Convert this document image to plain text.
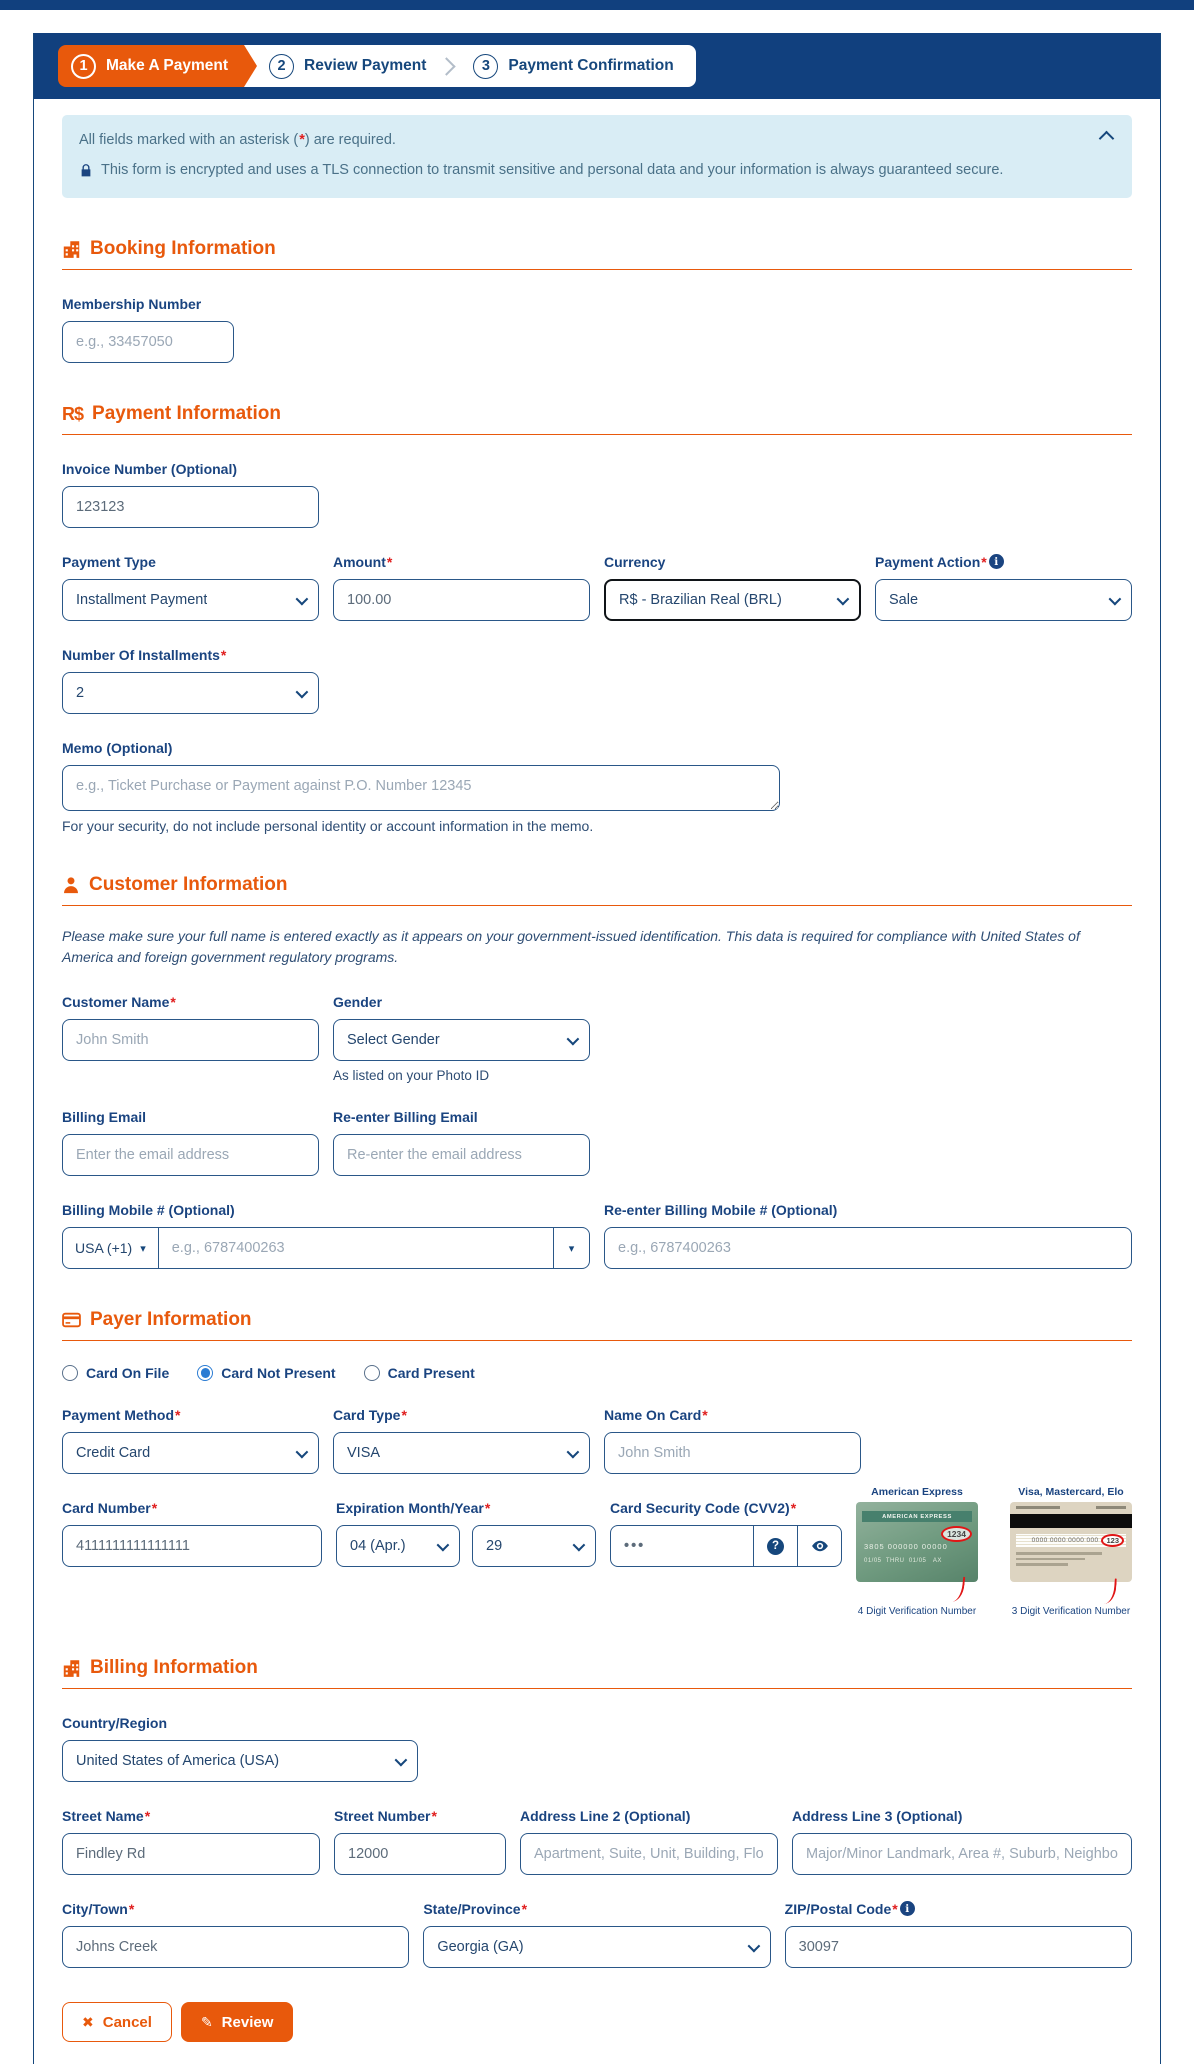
1	Make A Payment	2	Review Payment	3	Payment Confirmation
All fields marked with an asterisk (*) are required.
This form is encrypted and uses a TLS connection to transmit sensitive and personal data and your information is always guaranteed secure.
Booking Information
Membership Number
e.g., 33457050
R$ Payment Information
Invoice Number (Optional)
123123
Payment Type
Installment Payment
Amount *
100.00	Currency
R$ - Brazilian Real (BRL)
Payment Action * i
Sale
Number Of Installments *
2
Memo (Optional)
e.g., Ticket Purchase or Payment against P.O. Number 12345
For your security, do not include personal identity or account information in the memo.
Customer Information
Please make sure your full name is entered exactly as it appears on your government-issued identification. This data is required for compliance with United States of America and foreign government regulatory programs.
Customer Name *
John Smith	Gender
Select Gender
As listed on your Photo ID
Billing Email
Enter the email address	Re-enter Billing Email
Re-enter the email address
Billing Mobile # (Optional)
USA (+1) ▾	e.g., 6787400263	▾
Re-enter Billing Mobile # (Optional)
e.g., 6787400263
Payer Information
Card On File	Card Not Present	Card Present
Payment Method *
Credit Card
Card Type *
VISA
Name On Card *
John Smith
Card Number *
4111111111111111	Expiration Month/Year *
04 (Apr.)	29
Card Security Code (CVV2) *
•••	?
American Express
AMERICAN EXPRESS
3805 000000 00000
01/05  THRU  01/05   AX
1234
4 Digit Verification Number
Visa, Mastercard, Elo
0000 0000 0000 000	123
3 Digit Verification Number
Billing Information
Country/Region
United States of America (USA)
Street Name *
Findley Rd	Street Number *
12000	Address Line 2 (Optional)
Apartment, Suite, Unit, Building, Flo	Address Line 3 (Optional)
Major/Minor Landmark, Area #, Suburb, Neighbo
City/Town *
Johns Creek	State/Province *
Georgia (GA)
ZIP/Postal Code * i
30097
✖ Cancel	✎ Review
